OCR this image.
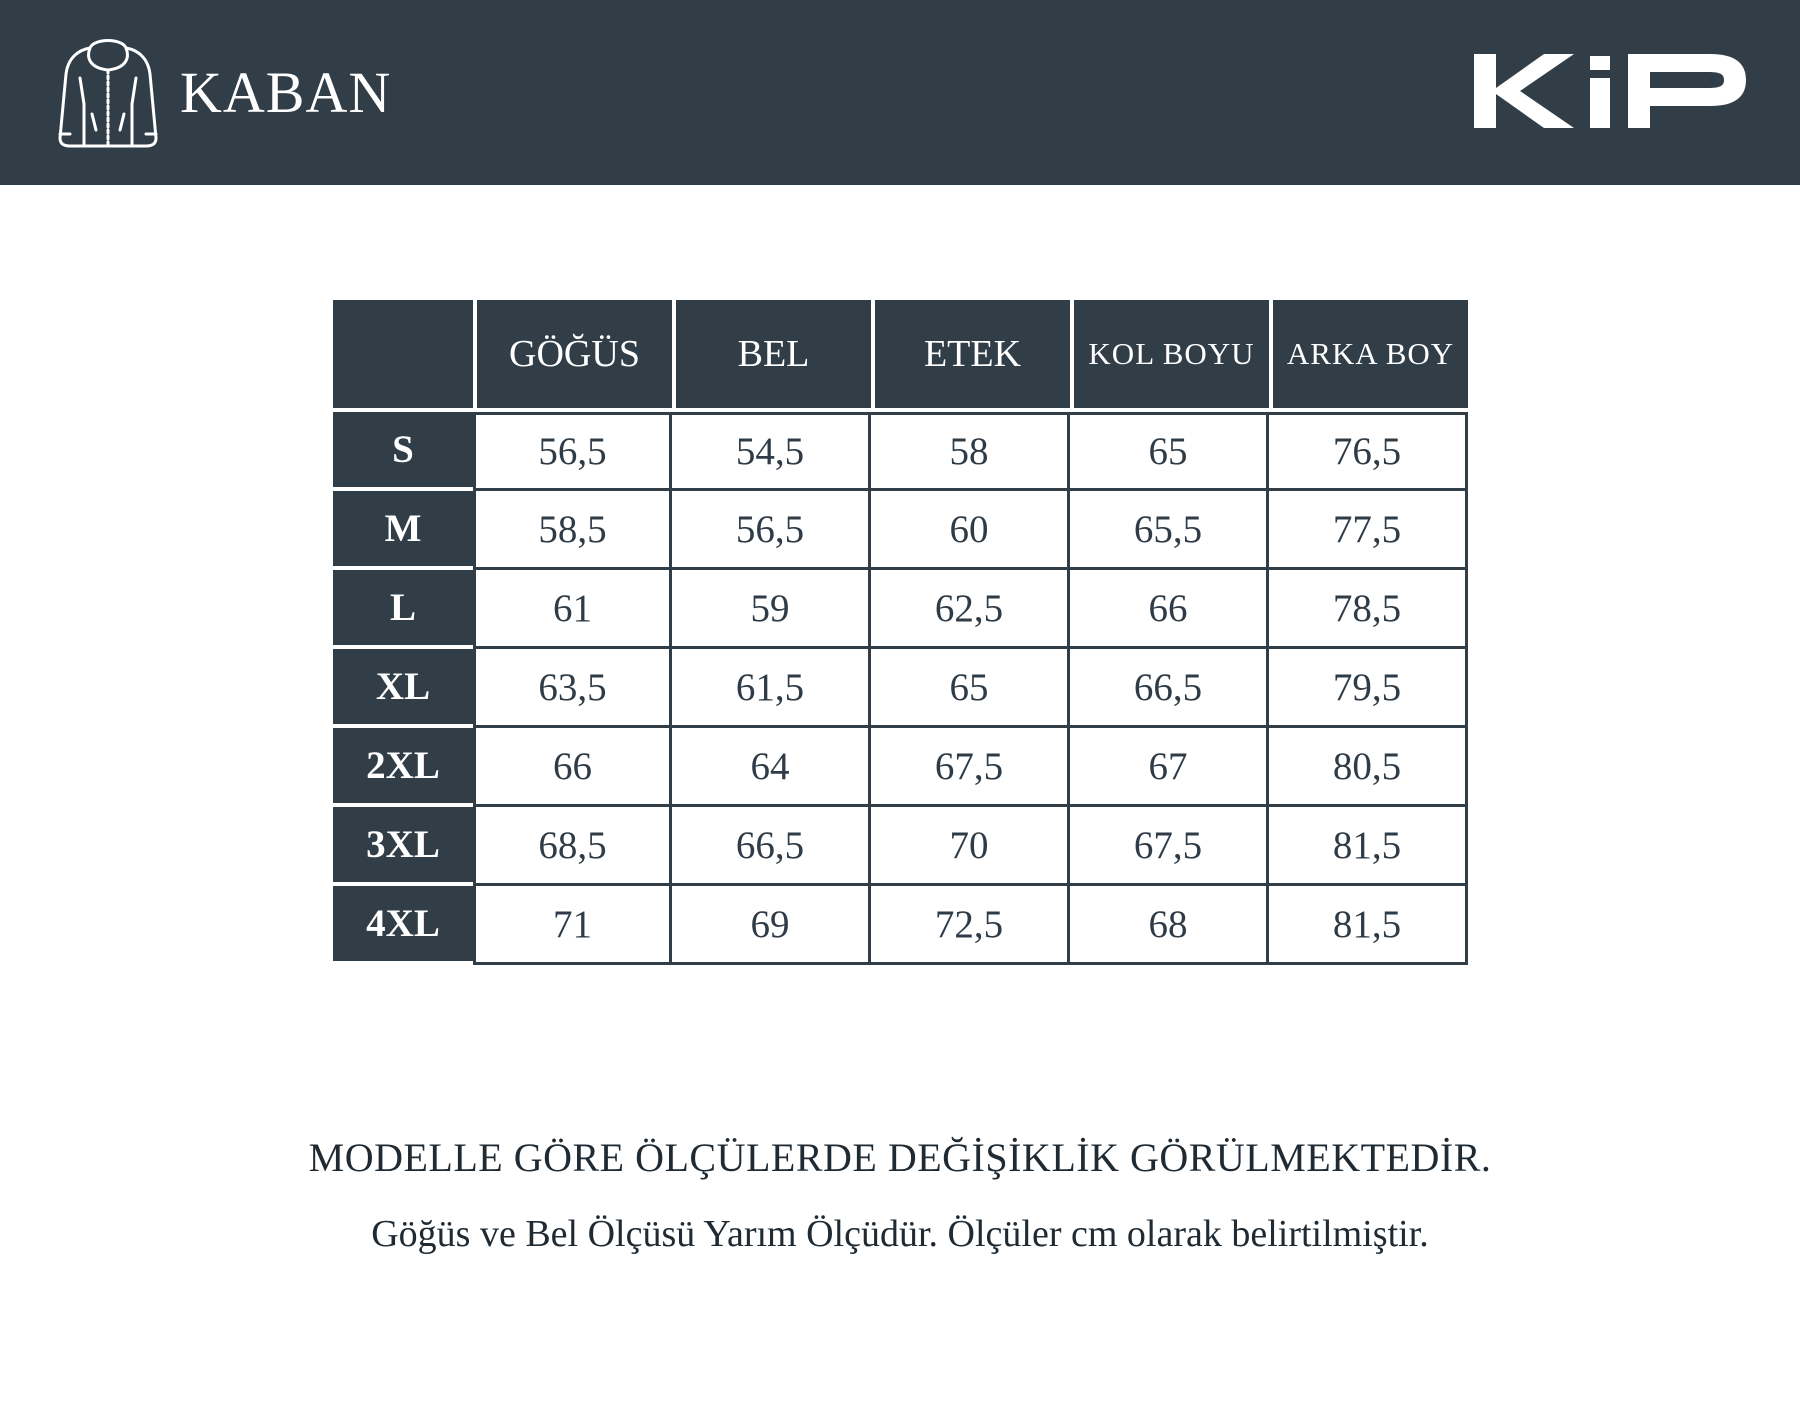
KABAN
	GÖĞÜS	BEL	ETEK	KOL BOYU	ARKA BOY
S	56,5	54,5	58	65	76,5
M	58,5	56,5	60	65,5	77,5
L	61	59	62,5	66	78,5
XL	63,5	61,5	65	66,5	79,5
2XL	66	64	67,5	67	80,5
3XL	68,5	66,5	70	67,5	81,5
4XL	71	69	72,5	68	81,5
MODELLE GÖRE ÖLÇÜLERDE DEĞİŞİKLİK GÖRÜLMEKTEDİR.
Göğüs ve Bel Ölçüsü Yarım Ölçüdür. Ölçüler cm olarak belirtilmiştir.
